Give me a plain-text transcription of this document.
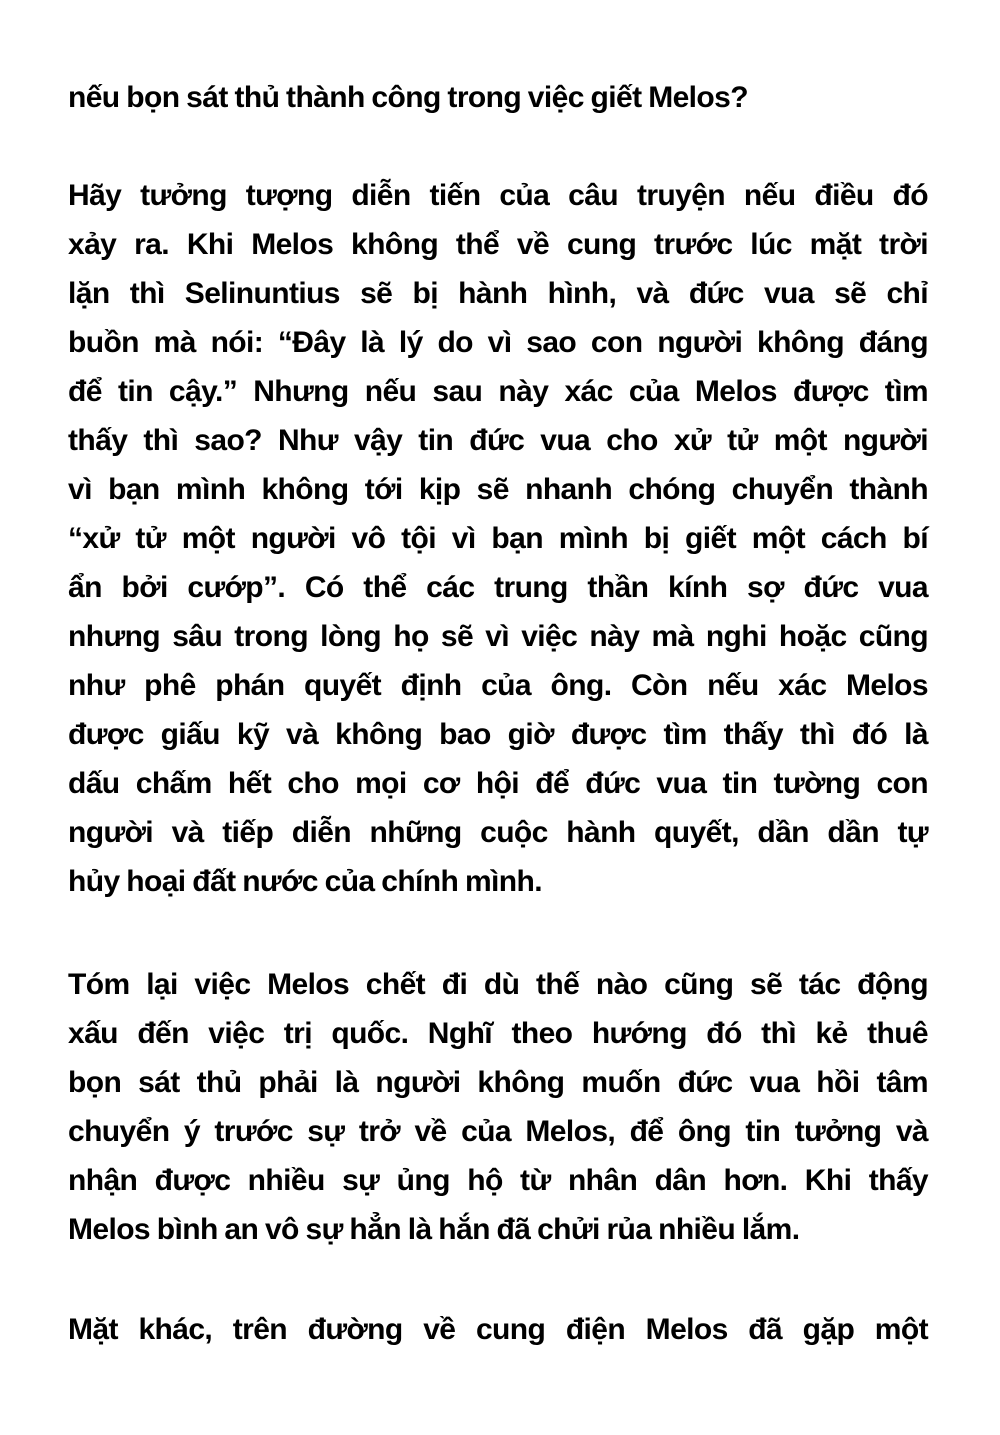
nếu bọn sát thủ thành công trong việc giết Melos?
Hãy tưởng tượng diễn tiến của câu truyện nếu điều đó
xảy ra. Khi Melos không thể về cung trước lúc mặt trời
lặn thì Selinuntius sẽ bị hành hình, và đức vua sẽ chỉ
buồn mà nói: “Đây là lý do vì sao con người không đáng
để tin cậy.” Nhưng nếu sau này xác của Melos được tìm
thấy thì sao? Như vậy tin đức vua cho xử tử một người
vì bạn mình không tới kịp sẽ nhanh chóng chuyển thành
“xử tử một người vô tội vì bạn mình bị giết một cách bí
ẩn bởi cướp”. Có thể các trung thần kính sợ đức vua
nhưng sâu trong lòng họ sẽ vì việc này mà nghi hoặc cũng
như phê phán quyết định của ông. Còn nếu xác Melos
được giấu kỹ và không bao giờ được tìm thấy thì đó là
dấu chấm hết cho mọi cơ hội để đức vua tin tường con
người và tiếp diễn những cuộc hành quyết, dần dần tự
hủy hoại đất nước của chính mình.
Tóm lại việc Melos chết đi dù thế nào cũng sẽ tác động
xấu đến việc trị quốc. Nghĩ theo hướng đó thì kẻ thuê
bọn sát thủ phải là người không muốn đức vua hồi tâm
chuyển ý trước sự trở về của Melos, để ông tin tưởng và
nhận được nhiều sự ủng hộ từ nhân dân hơn. Khi thấy
Melos bình an vô sự hẳn là hắn đã chửi rủa nhiều lắm.
Mặt khác, trên đường về cung điện Melos đã gặp một
